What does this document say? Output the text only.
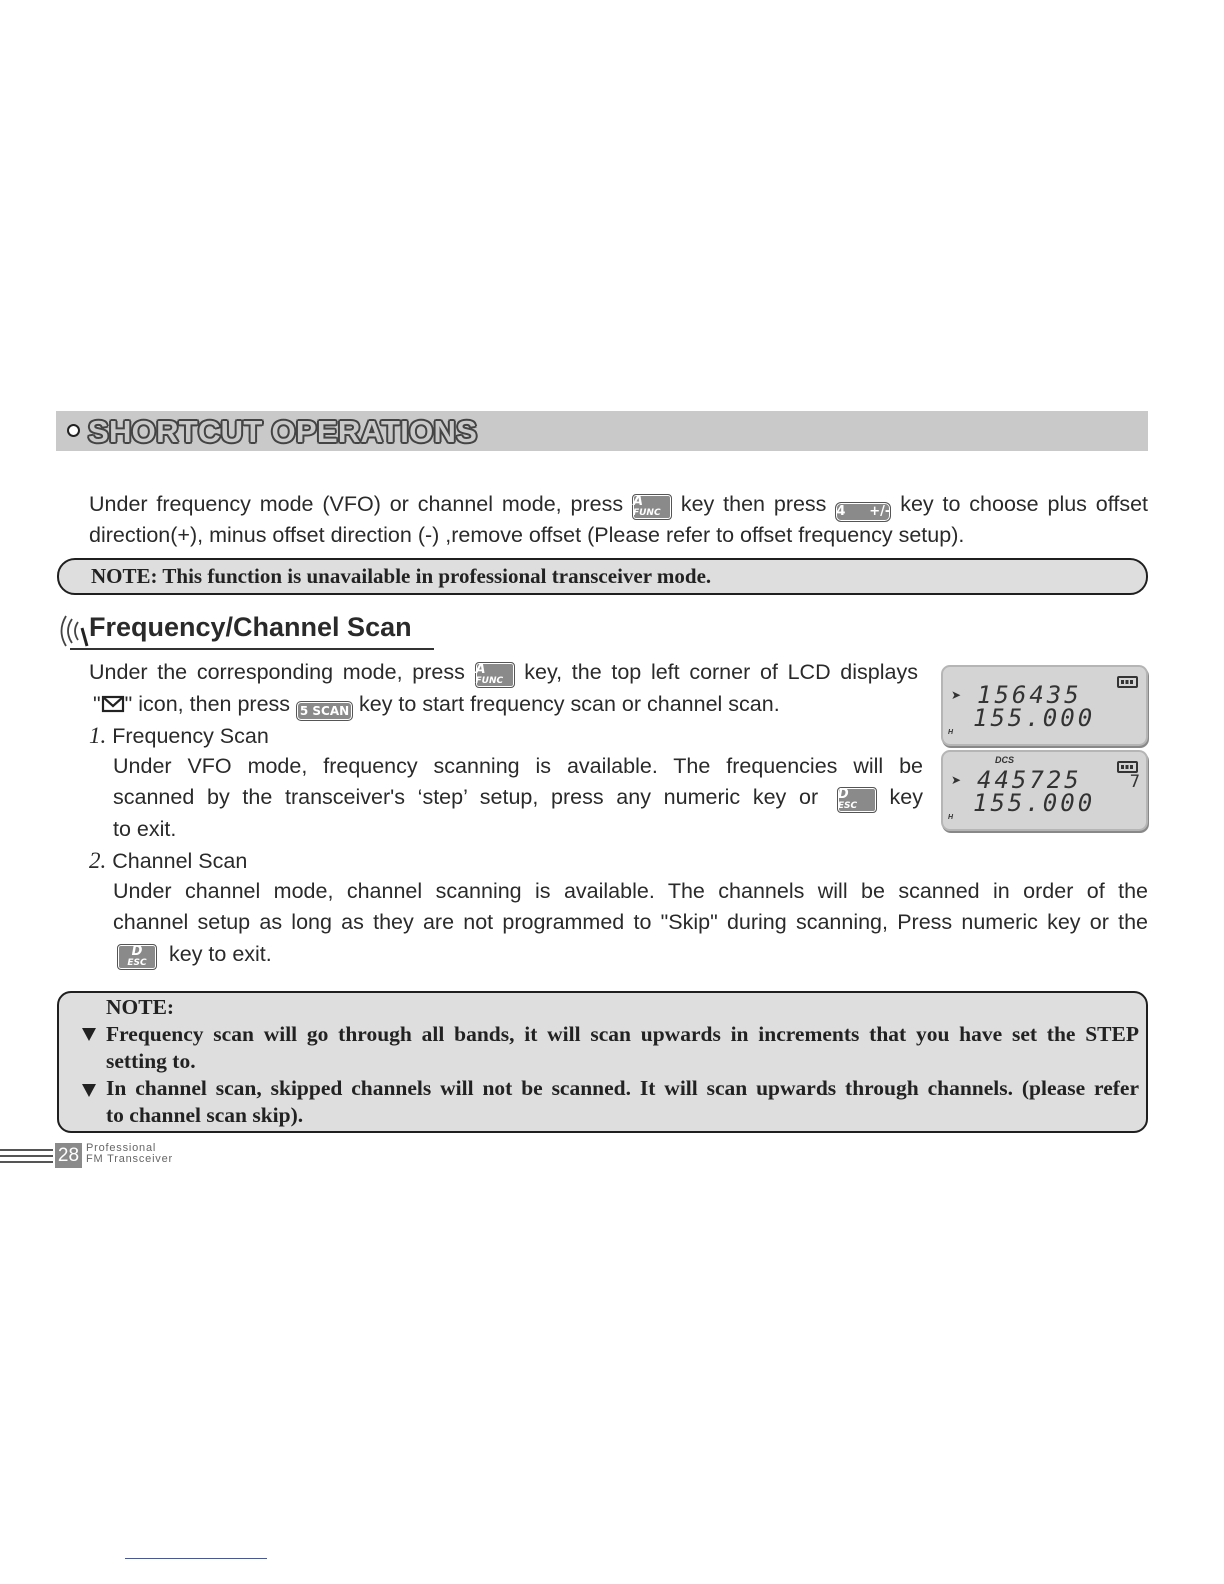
SHORTCUT OPERATIONS
Under frequency mode (VFO) or channel mode, press A
FUNC key then press 4 +/- key to choose plus offset
direction(+), minus offset direction (-) ,remove offset (Please refer to offset frequency setup).
NOTE: This function is unavailable in professional transceiver mode.
Frequency/Channel Scan
Under the corresponding mode, press A
FUNC key, the top left corner of LCD displays
" " icon, then press 5 SCAN key to start frequency scan or channel scan.
1. Frequency Scan
Under VFO mode, frequency scanning is available. The frequencies will be
scanned by the transceiver's ‘step’ setup, press any numeric key or D
ESC	key
to exit.
2. Channel Scan
Under channel mode, channel scanning is available. The channels will be scanned in order of the
channel setup as long as they are not programmed to "Skip" during scanning, Press numeric key or the
D
ESC	key to exit.
➤ 156435
155.000
H
DCS
➤ 445725	7
155.000
H
NOTE:
Frequency scan will go through all bands, it will scan upwards in increments that you have set the STEP
setting to.
In channel scan, skipped channels will not be scanned. It will scan upwards through channels. (please refer
to channel scan skip).
28 Professional
FM Transceiver
